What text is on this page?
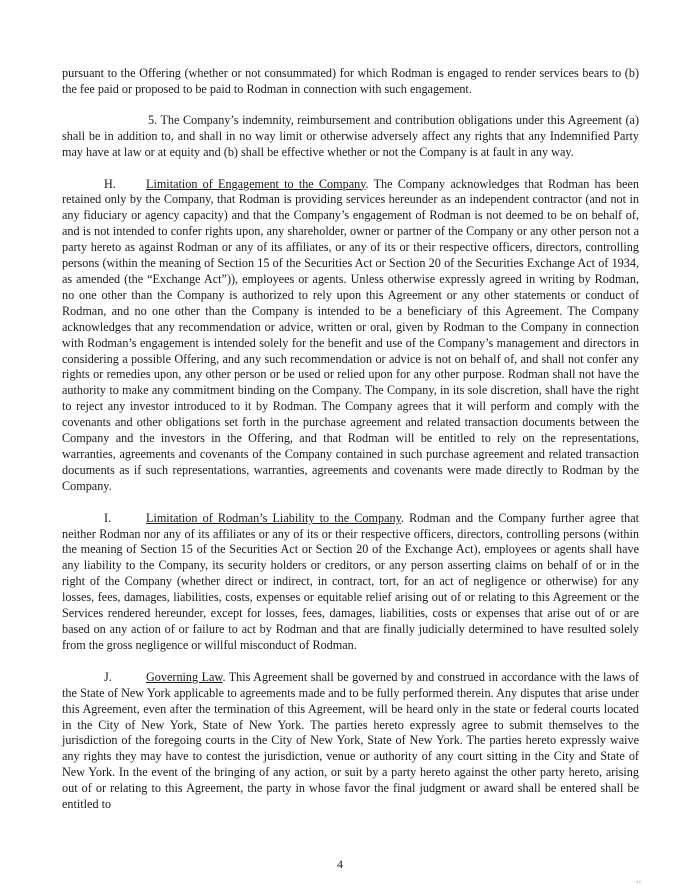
pursuant to the Offering (whether or not consummated) for which Rodman is engaged to render services bears to (b) the fee paid or proposed to be paid to Rodman in connection with such engagement.

5. The Company’s indemnity, reimbursement and contribution obligations under this Agreement (a) shall be in addition to, and shall in no way limit or otherwise adversely affect any rights that any Indemnified Party may have at law or at equity and (b) shall be effective whether or not the Company is at fault in any way.

H. Limitation of Engagement to the Company. The Company acknowledges that Rodman has been retained only by the Company, that Rodman is providing services hereunder as an independent contractor (and not in any fiduciary or agency capacity) and that the Company’s engagement of Rodman is not deemed to be on behalf of, and is not intended to confer rights upon, any shareholder, owner or partner of the Company or any other person not a party hereto as against Rodman or any of its affiliates, or any of its or their respective officers, directors, controlling persons (within the meaning of Section 15 of the Securities Act or Section 20 of the Securities Exchange Act of 1934, as amended (the “Exchange Act”)), employees or agents. Unless otherwise expressly agreed in writing by Rodman, no one other than the Company is authorized to rely upon this Agreement or any other statements or conduct of Rodman, and no one other than the Company is intended to be a beneficiary of this Agreement. The Company acknowledges that any recommendation or advice, written or oral, given by Rodman to the Company in connection with Rodman’s engagement is intended solely for the benefit and use of the Company’s management and directors in considering a possible Offering, and any such recommendation or advice is not on behalf of, and shall not confer any rights or remedies upon, any other person or be used or relied upon for any other purpose. Rodman shall not have the authority to make any commitment binding on the Company. The Company, in its sole discretion, shall have the right to reject any investor introduced to it by Rodman. The Company agrees that it will perform and comply with the covenants and other obligations set forth in the purchase agreement and related transaction documents between the Company and the investors in the Offering, and that Rodman will be entitled to rely on the representations, warranties, agreements and covenants of the Company contained in such purchase agreement and related transaction documents as if such representations, warranties, agreements and covenants were made directly to Rodman by the Company.

I.	Limitation of Rodman’s Liability to the Company. Rodman and the Company further agree that neither Rodman nor any of its affiliates or any of its or their respective officers, directors, controlling persons (within the meaning of Section 15 of the Securities Act or Section 20 of the Exchange Act), employees or agents shall have any liability to the Company, its security holders or creditors, or any person asserting claims on behalf of or in the right of the Company (whether direct or indirect, in contract, tort, for an act of negligence or otherwise) for any losses, fees, damages, liabilities, costs, expenses or equitable relief arising out of or relating to this Agreement or the Services rendered hereunder, except for losses, fees, damages, liabilities, costs or expenses that arise out of or are based on any action of or failure to act by Rodman and that are finally judicially determined to have resulted solely from the gross negligence or willful misconduct of Rodman.

J.	Governing Law. This Agreement shall be governed by and construed in accordance with the laws of the State of New York applicable to agreements made and to be fully performed therein. Any disputes that arise under this Agreement, even after the termination of this Agreement, will be heard only in the state or federal courts located in the City of New York, State of New York. The parties hereto expressly agree to submit themselves to the jurisdiction of the foregoing courts in the City of New York, State of New York. The parties hereto expressly waive any rights they may have to contest the jurisdiction, venue or authority of any court sitting in the City and State of New York. In the event of the bringing of any action, or suit by a party hereto against the other party hereto, arising out of or relating to this Agreement, the party in whose favor the final judgment or award shall be entered shall be entitled to

4
‹‹
